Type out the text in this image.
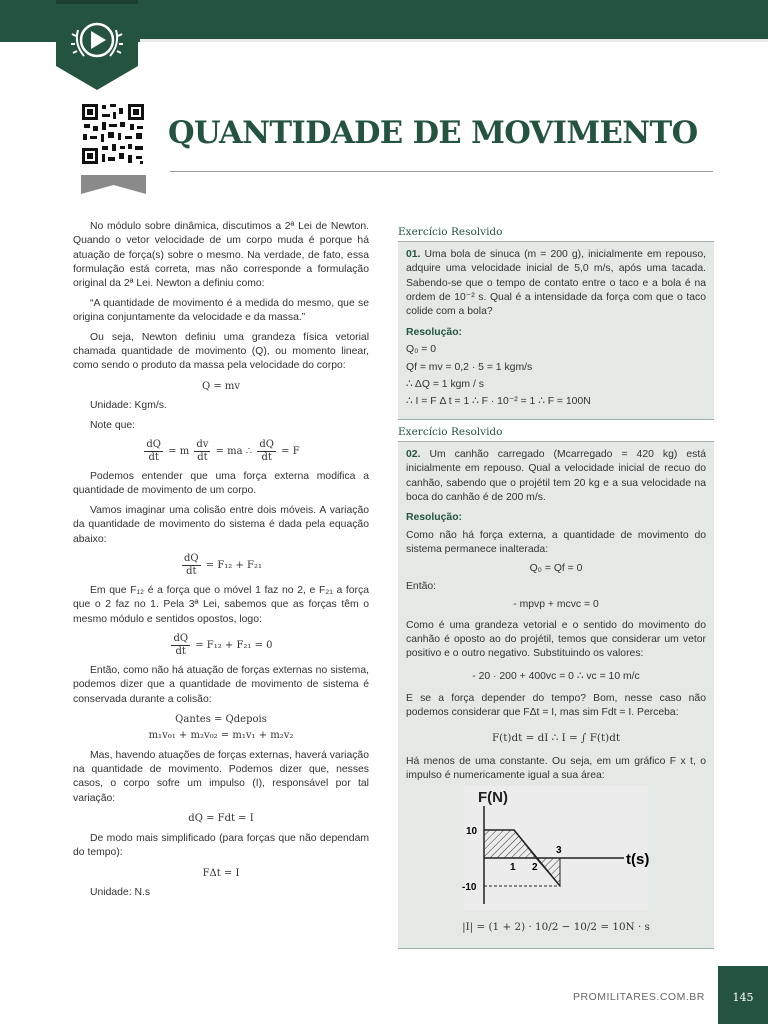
QUANTIDADE DE MOVIMENTO

No módulo sobre dinâmica, discutimos a 2ª Lei de Newton. Quando o vetor velocidade de um corpo muda é porque há atuação de força(s) sobre o mesmo. Na verdade, de fato, essa formulação está correta, mas não corresponde a formulação original da 2ª Lei. Newton a definiu como:

“A quantidade de movimento é a medida do mesmo, que se origina conjuntamente da velocidade e da massa.”

Ou seja, Newton definiu uma grandeza física vetorial chamada quantidade de movimento (Q), ou momento linear, como sendo o produto da massa pela velocidade do corpo:

Q = mv

Unidade: Kgm/s.

Note que:

$\frac{dQ}{dt} = m \frac{dv}{dt}$ = ma ∴ $\frac{dQ}{dt} = F$

Podemos entender que uma força externa modifica a quantidade de movimento de um corpo.

Vamos imaginar uma colisão entre dois móveis. A variação da quantidade de movimento do sistema é dada pela equação abaixo:

$\frac{dQ}{dt} = F_{12} + F_{21}$

Em que F₁₂ é a força que o móvel 1 faz no 2, e F₂₁ a força que o 2 faz no 1. Pela 3ª Lei, sabemos que as forças têm o mesmo módulo e sentidos opostos, logo:

$\frac{dQ}{dt} = F_{12} + F_{21} = 0$

Então, como não há atuação de forças externas no sistema, podemos dizer que a quantidade de movimento de sistema é conservada durante a colisão:

Qantes = Qdepois
m₁v₀₁ + m₂v₀₂ = m₁v₁ + m₂v₂

Mas, havendo atuações de forças externas, haverá variação na quantidade de movimento. Podemos dizer que, nesses casos, o corpo sofre um impulso (I), responsável por tal variação:

dQ = Fdt = I

De modo mais simplificado (para forças que não dependam do tempo):

FΔt = I

Unidade: N.s

Exercício Resolvido

01. Uma bola de sinuca (m = 200 g), inicialmente em repouso, adquire uma velocidade inicial de 5,0 m/s, após uma tacada. Sabendo-se que o tempo de contato entre o taco e a bola é na ordem de 10⁻² s. Qual é a intensidade da força com que o taco colide com a bola?

Resolução:
Q₀ = 0
Qf = mv = 0,2 · 5 = 1 kgm/s
∴ ΔQ = 1 kgm / s
∴ I = F Δ t = 1 ∴ F · 10⁻² = 1 ∴ F = 100N
Exercício Resolvido

02. Um canhão carregado (Mcarregado = 420 kg) está inicialmente em repouso. Qual a velocidade inicial de recuo do canhão, sabendo que o projétil tem 20 kg e a sua velocidade na boca do canhão é de 200 m/s.

Resolução:

Como não há força externa, a quantidade de movimento do sistema permanece inalterada:

Q₀ = Qf = 0
Então:
- mpvp + mcvc = 0

Como é uma grandeza vetorial e o sentido do movimento do canhão é oposto ao do projétil, temos que considerar um vetor positivo e o outro negativo. Substituindo os valores:

- 20 · 200 + 400vc = 0 ∴ vc = 10 m/c

E se a força depender do tempo? Bom, nesse caso não podemos considerar que FΔt = I, mas sim Fdt = I. Perceba:

F(t)dt = dI ∴ I = ∫ F(t)dt

Há menos de uma constante. Ou seja, em um gráfico F x t, o impulso é numericamente igual a sua área:

F(N)
10
-10
1 2
3
t(s)
|I| = (1 + 2) · 10/2 − 10/2 = 10N · s
PROMILITARES.COM.BR	145
